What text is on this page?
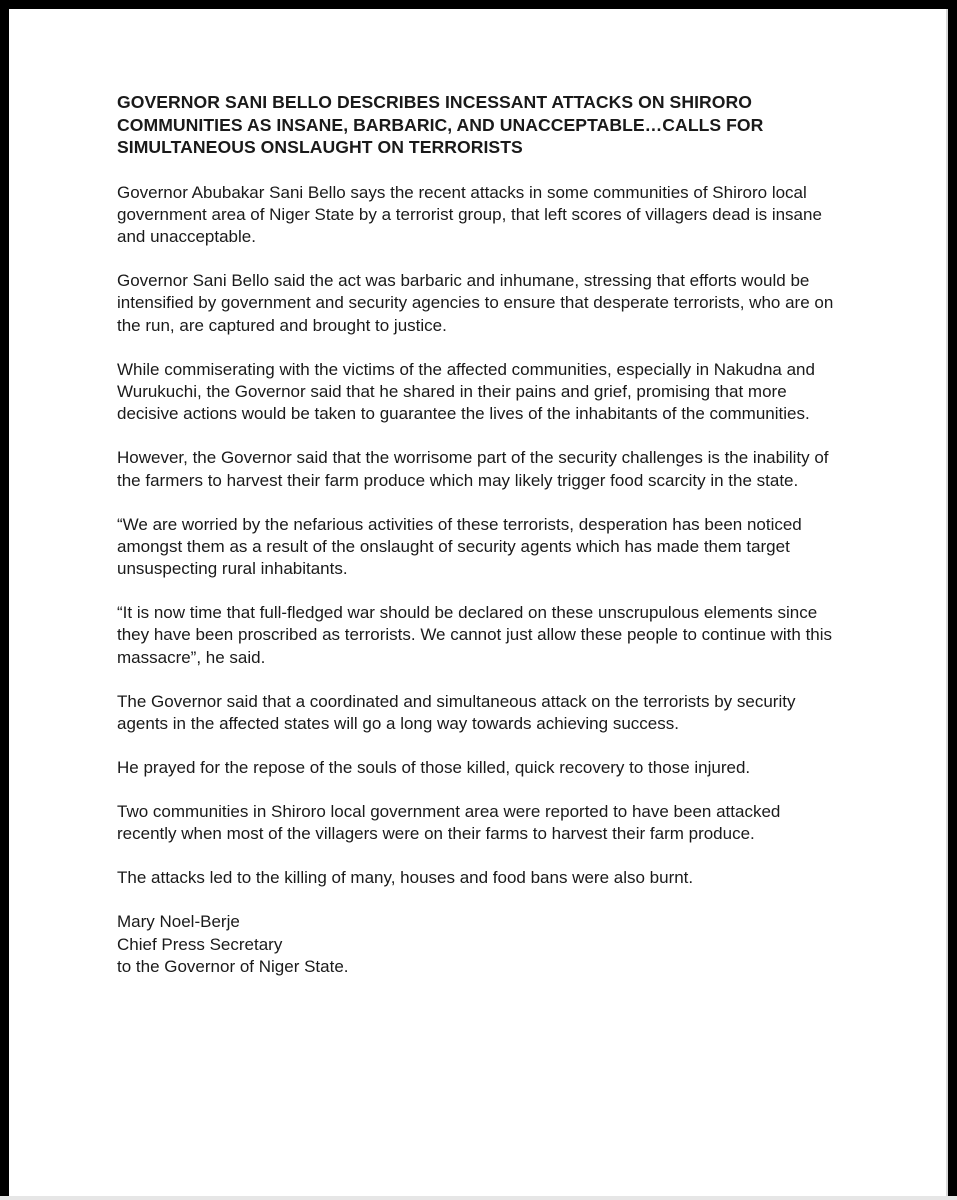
GOVERNOR SANI BELLO DESCRIBES INCESSANT ATTACKS ON SHIRORO
COMMUNITIES AS INSANE, BARBARIC, AND UNACCEPTABLE…CALLS FOR
SIMULTANEOUS ONSLAUGHT ON TERRORISTS
Governor Abubakar Sani Bello says the recent attacks in some communities of Shiroro local
government area of Niger State by a terrorist group, that left scores of villagers dead is insane
and unacceptable.
Governor Sani Bello said the act was barbaric and inhumane, stressing that efforts would be
intensified by government and security agencies to ensure that desperate terrorists, who are on
the run, are captured and brought to justice.
While commiserating with the victims of the affected communities, especially in Nakudna and
Wurukuchi, the Governor said that he shared in their pains and grief, promising that more
decisive actions would be taken to guarantee the lives of the inhabitants of the communities.
However, the Governor said that the worrisome part of the security challenges is the inability of
the farmers to harvest their farm produce which may likely trigger food scarcity in the state.
“We are worried by the nefarious activities of these terrorists, desperation has been noticed
amongst them as a result of the onslaught of security agents which has made them target
unsuspecting rural inhabitants.
“It is now time that full-fledged war should be declared on these unscrupulous elements since
they have been proscribed as terrorists. We cannot just allow these people to continue with this
massacre”, he said.
The Governor said that a coordinated and simultaneous attack on the terrorists by security
agents in the affected states will go a long way towards achieving success.
He prayed for the repose of the souls of those killed, quick recovery to those injured.
Two communities in Shiroro local government area were reported to have been attacked
recently when most of the villagers were on their farms to harvest their farm produce.
The attacks led to the killing of many, houses and food bans were also burnt.
Mary Noel-Berje
Chief Press Secretary
to the Governor of Niger State.
